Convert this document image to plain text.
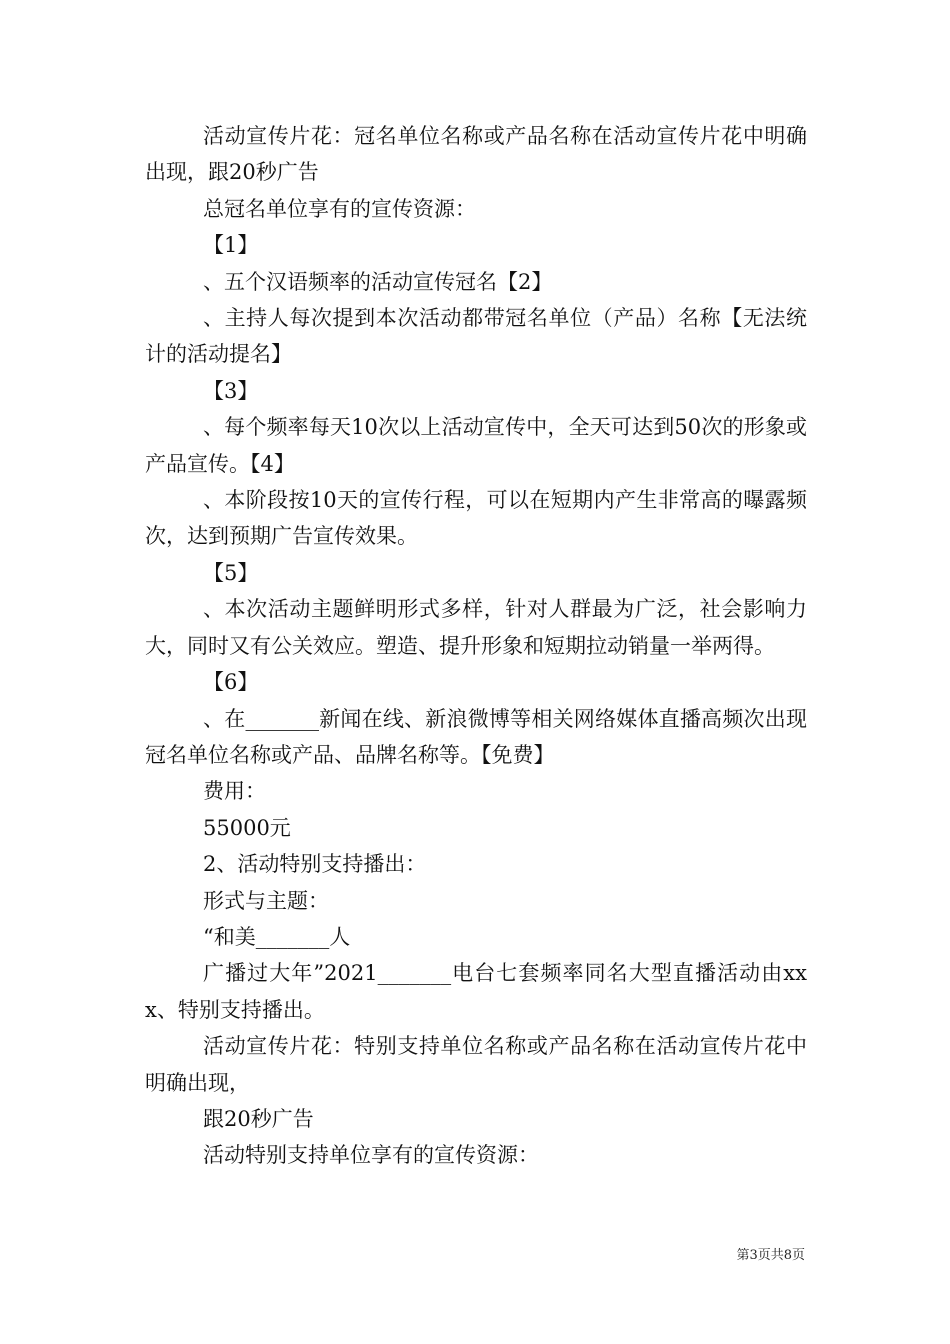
活动宣传片花：冠名单位名称或产品名称在活动宣传片花中明确出现，跟20秒广告

总冠名单位享有的宣传资源：

【1】

、五个汉语频率的活动宣传冠名【2】

、主持人每次提到本次活动都带冠名单位（产品）名称【无法统计的活动提名】

【3】

、每个频率每天10次以上活动宣传中，全天可达到50次的形象或产品宣传。【4】

、本阶段按10天的宣传行程，可以在短期内产生非常高的曝露频次，达到预期广告宣传效果。

【5】

、本次活动主题鲜明形式多样，针对人群最为广泛，社会影响力大，同时又有公关效应。塑造、提升形象和短期拉动销量一举两得。

【6】

、在_______新闻在线、新浪微博等相关网络媒体直播高频次出现冠名单位名称或产品、品牌名称等。【免费】

费用：

55000元

2、活动特别支持播出：

形式与主题：

“和美_______人

广播过大年”2021_______电台七套频率同名大型直播活动由xxx、特别支持播出。

活动宣传片花：特别支持单位名称或产品名称在活动宣传片花中明确出现，

跟20秒广告

活动特别支持单位享有的宣传资源：

第3页共8页
